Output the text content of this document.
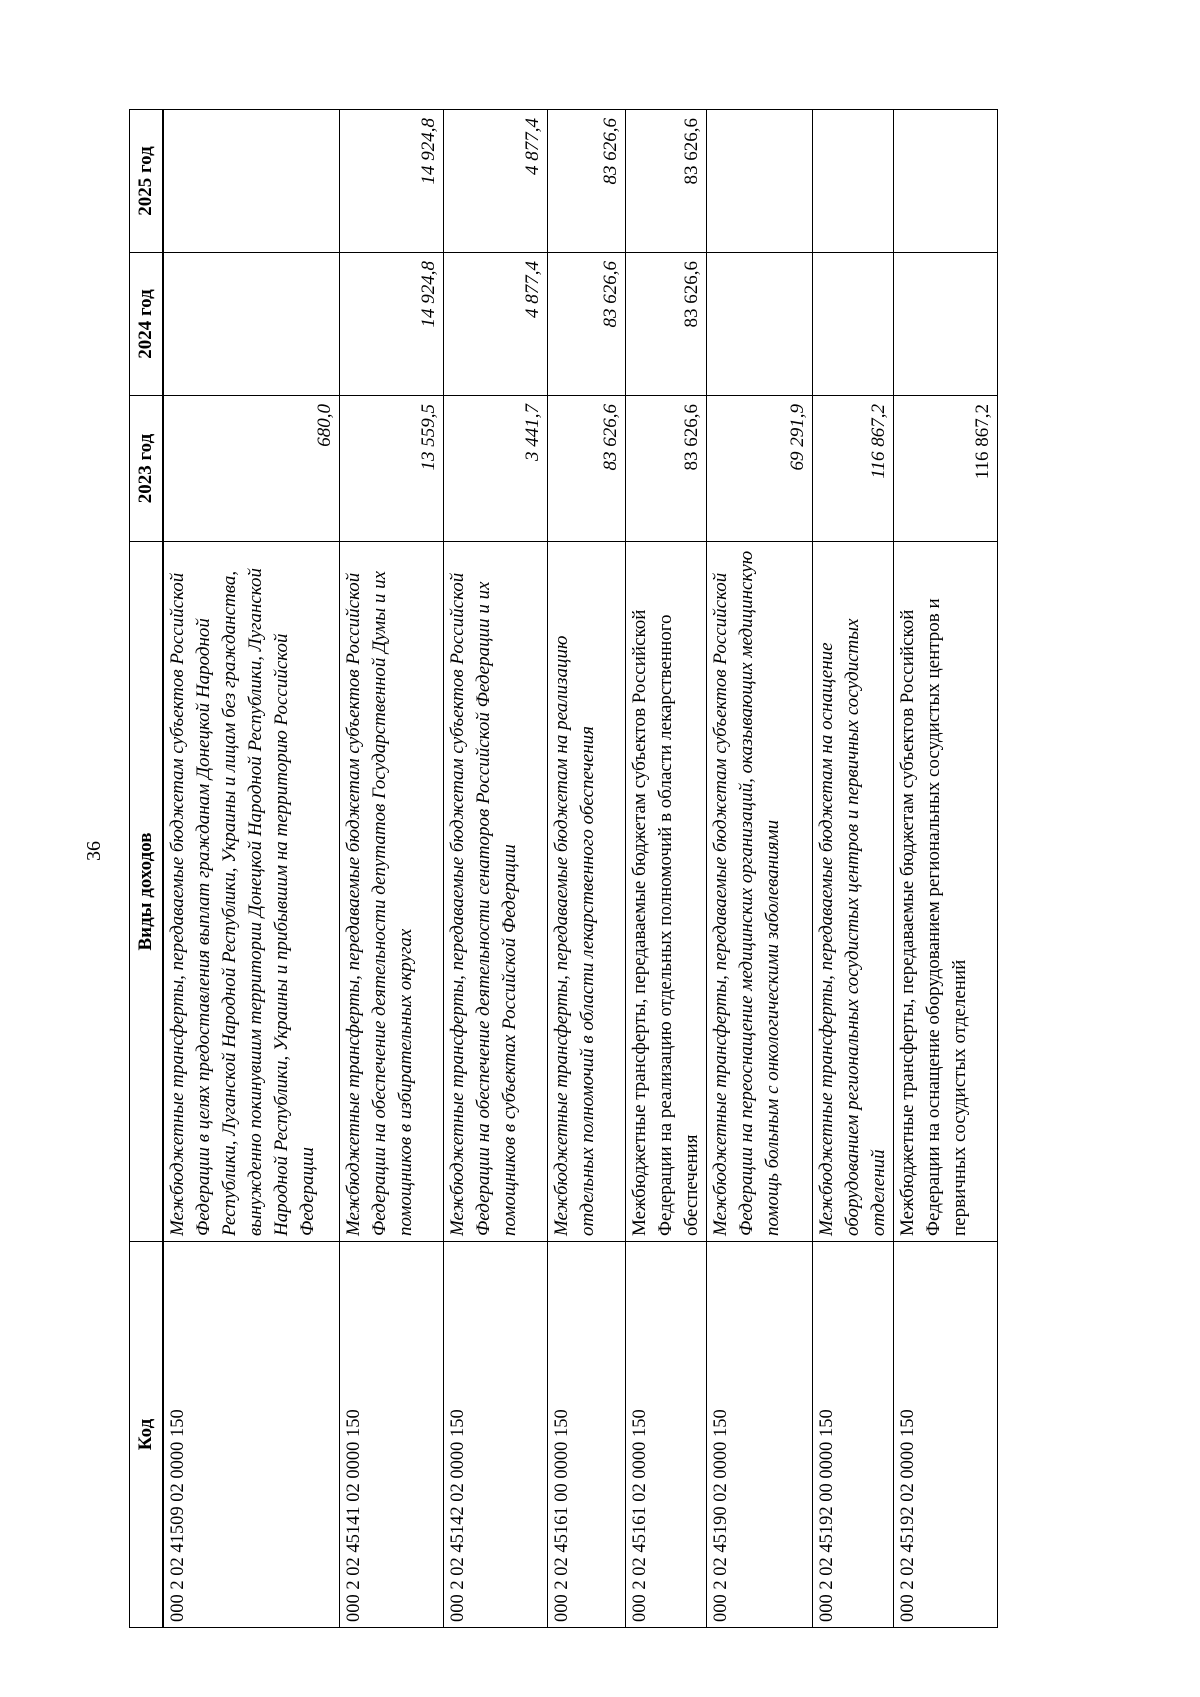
36
Код	Виды доходов	2023 год	2024 год	2025 год
000 2 02 41509 02 0000 150	Межбюджетные трансферты, передаваемые бюджетам субъектов Российской Федерации в целях предоставления выплат гражданам Донецкой Народной Республики, Луганской Народной Республики, Украины и лицам без гражданства, вынужденно покинувшим территории Донецкой Народной Республики, Луганской Народной Республики, Украины и прибывшим на территорию Российской Федерации	680,0		
000 2 02 45141 02 0000 150	Межбюджетные трансферты, передаваемые бюджетам субъектов Российской Федерации на обеспечение деятельности депутатов Государственной Думы и их помощников в избирательных округах	13 559,5	14 924,8	14 924,8
000 2 02 45142 02 0000 150	Межбюджетные трансферты, передаваемые бюджетам субъектов Российской Федерации на обеспечение деятельности сенаторов Российской Федерации и их помощников в субъектах Российской Федерации	3 441,7	4 877,4	4 877,4
000 2 02 45161 00 0000 150	Межбюджетные трансферты, передаваемые бюджетам на реализацию отдельных полномочий в области лекарственного обеспечения	83 626,6	83 626,6	83 626,6
000 2 02 45161 02 0000 150	Межбюджетные трансферты, передаваемые бюджетам субъектов Российской Федерации на реализацию отдельных полномочий в области лекарственного обеспечения	83 626,6	83 626,6	83 626,6
000 2 02 45190 02 0000 150	Межбюджетные трансферты, передаваемые бюджетам субъектов Российской Федерации на переоснащение медицинских организаций, оказывающих медицинскую помощь больным с онкологическими заболеваниями	69 291,9		
000 2 02 45192 00 0000 150	Межбюджетные трансферты, передаваемые бюджетам на оснащение оборудованием региональных сосудистых центров и первичных сосудистых отделений	116 867,2		
000 2 02 45192 02 0000 150	Межбюджетные трансферты, передаваемые бюджетам субъектов Российской Федерации на оснащение оборудованием региональных сосудистых центров и первичных сосудистых отделений	116 867,2		
